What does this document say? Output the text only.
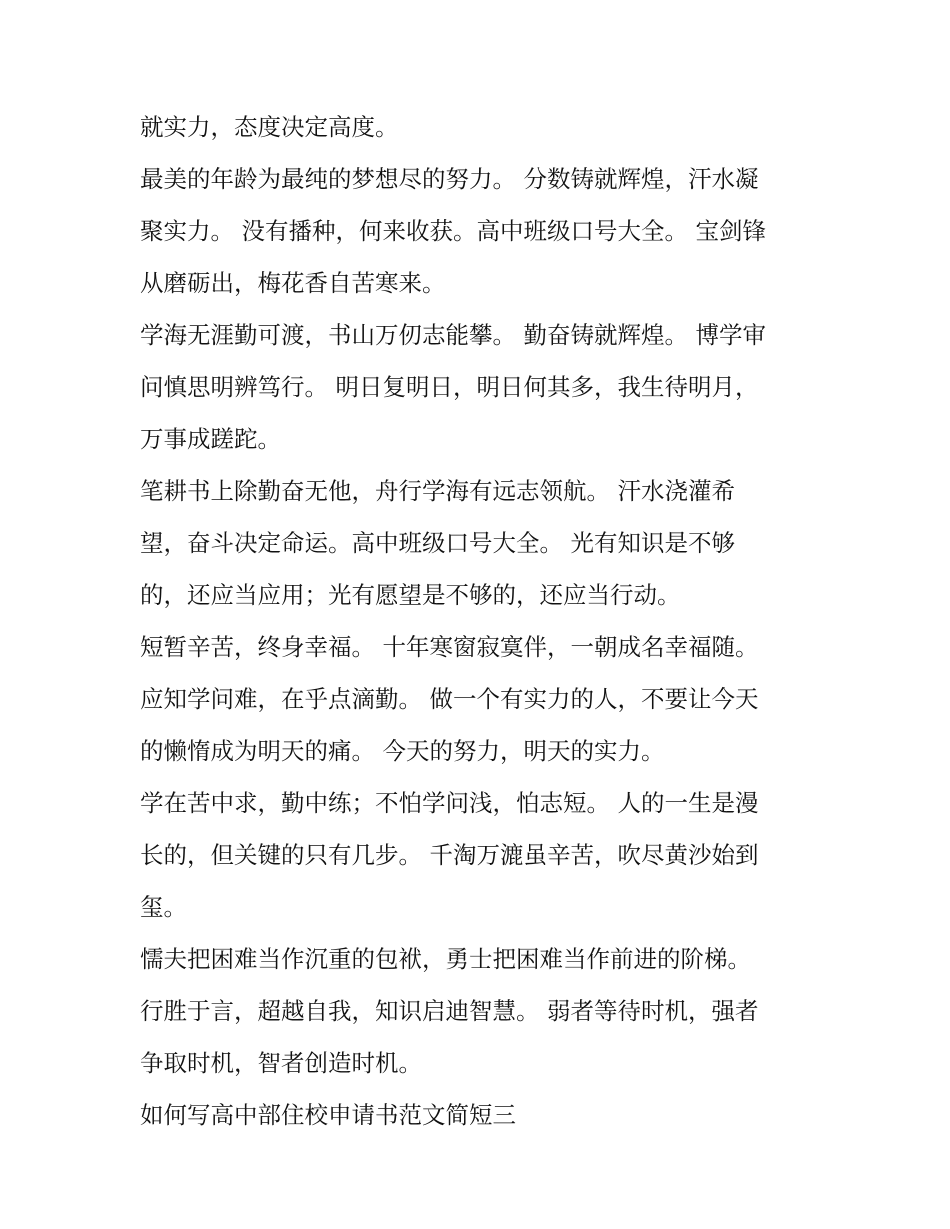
就实力，态度决定高度。
最美的年龄为最纯的梦想尽的努力。 分数铸就辉煌，汗水凝
聚实力。 没有播种，何来收获。高中班级口号大全。 宝剑锋
从磨砺出，梅花香自苦寒来。
学海无涯勤可渡，书山万仞志能攀。 勤奋铸就辉煌。 博学审
问慎思明辨笃行。 明日复明日，明日何其多，我生待明月，
万事成蹉跎。
笔耕书上除勤奋无他，舟行学海有远志领航。 汗水浇灌希
望，奋斗决定命运。高中班级口号大全。 光有知识是不够
的，还应当应用；光有愿望是不够的，还应当行动。
短暂辛苦，终身幸福。 十年寒窗寂寞伴，一朝成名幸福随。
应知学问难，在乎点滴勤。 做一个有实力的人，不要让今天
的懒惰成为明天的痛。 今天的努力，明天的实力。
学在苦中求，勤中练；不怕学问浅，怕志短。 人的一生是漫
长的，但关键的只有几步。 千淘万漉虽辛苦，吹尽黄沙始到
玺。
懦夫把困难当作沉重的包袱，勇士把困难当作前进的阶梯。
行胜于言，超越自我，知识启迪智慧。 弱者等待时机，强者
争取时机，智者创造时机。
如何写高中部住校申请书范文简短三
